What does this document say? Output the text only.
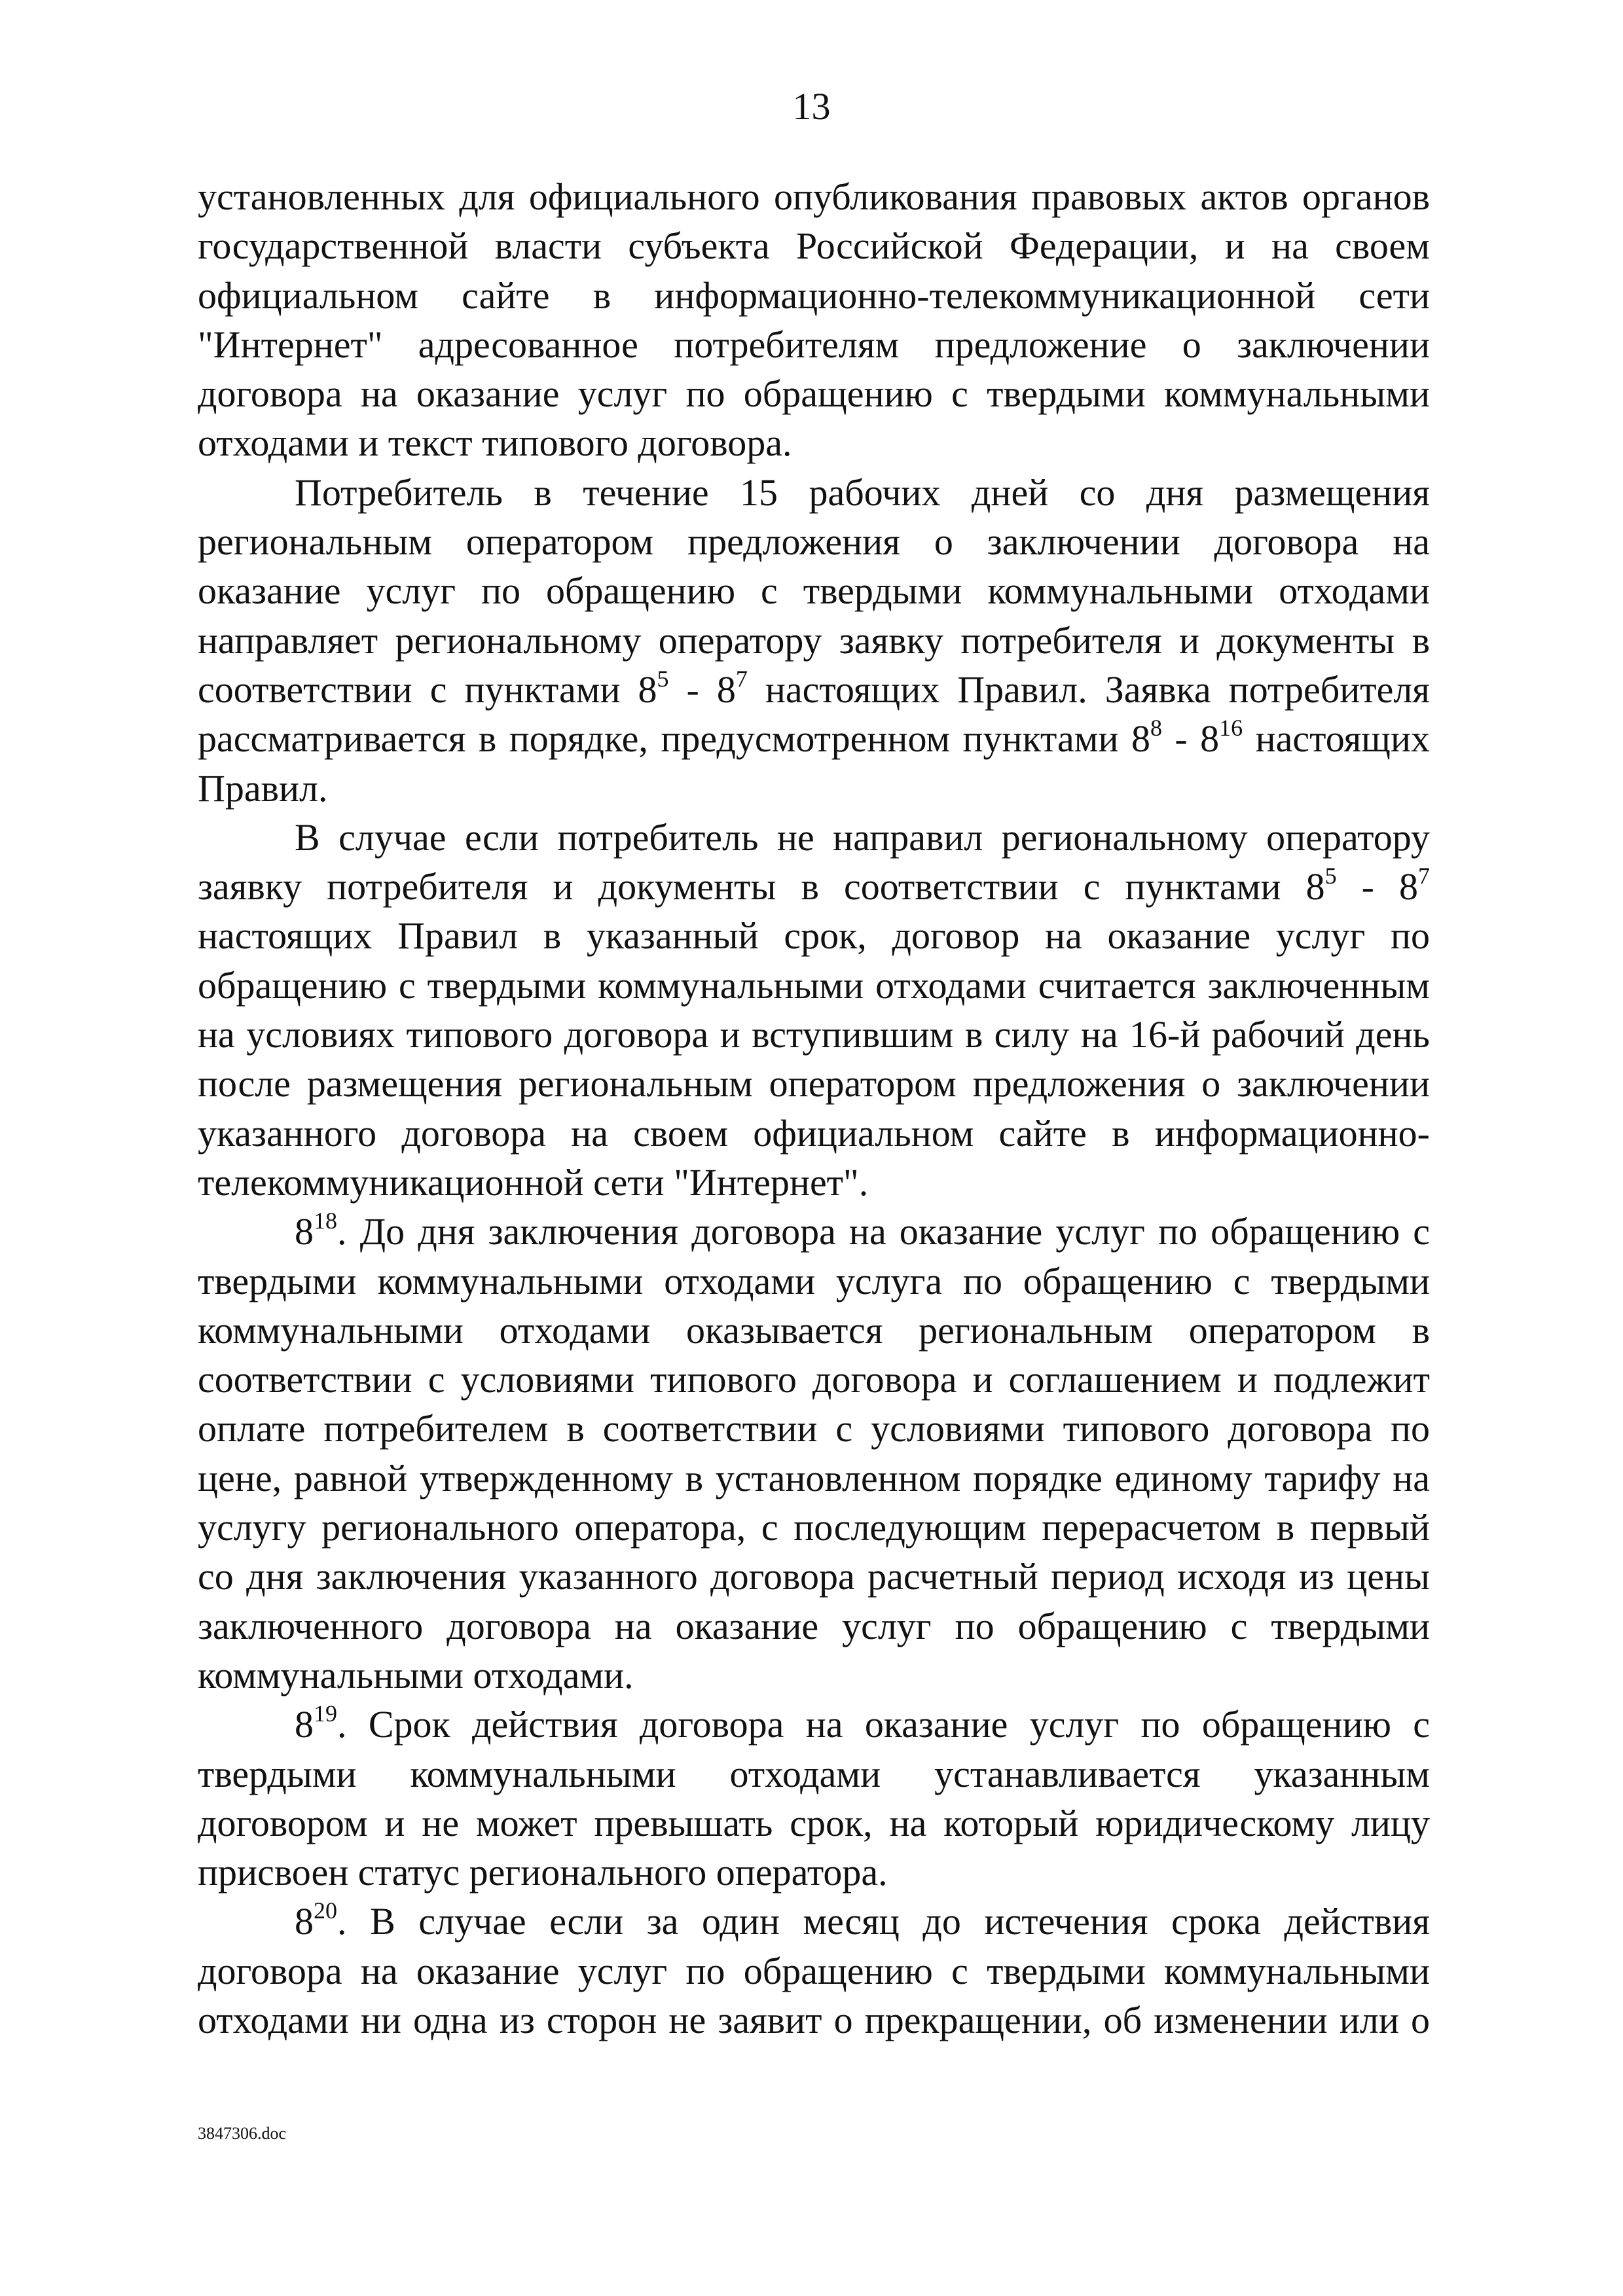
13

установленных для официального опубликования правовых актов органов государственной власти субъекта Российской Федерации, и на своем официальном сайте в информационно-телекоммуникационной сети "Интернет" адресованное потребителям предложение о заключении договора на оказание услуг по обращению с твердыми коммунальными отходами и текст типового договора.

Потребитель в течение 15 рабочих дней со дня размещения региональным оператором предложения о заключении договора на оказание услуг по обращению с твердыми коммунальными отходами направляет региональному оператору заявку потребителя и документы в соответствии с пунктами $8^5 - 8^7$ настоящих Правил. Заявка потребителя рассматривается в порядке, предусмотренном пунктами $8^8 - 8^{16}$ настоящих Правил.

В случае если потребитель не направил региональному оператору заявку потребителя и документы в соответствии с пунктами $8^5 - 8^7$ настоящих Правил в указанный срок, договор на оказание услуг по обращению с твердыми коммунальными отходами считается заключенным на условиях типового договора и вступившим в силу на 16-й рабочий день после размещения региональным оператором предложения о заключении указанного договора на своем официальном сайте в информационно-телекоммуникационной сети "Интернет".

$8^{18}$. До дня заключения договора на оказание услуг по обращению с твердыми коммунальными отходами услуга по обращению с твердыми коммунальными отходами оказывается региональным оператором в соответствии с условиями типового договора и соглашением и подлежит оплате потребителем в соответствии с условиями типового договора по цене, равной утвержденному в установленном порядке единому тарифу на услугу регионального оператора, с последующим перерасчетом в первый со дня заключения указанного договора расчетный период исходя из цены заключенного договора на оказание услуг по обращению с твердыми коммунальными отходами.

$8^{19}$. Срок действия договора на оказание услуг по обращению с твердыми коммунальными отходами устанавливается указанным договором и не может превышать срок, на который юридическому лицу присвоен статус регионального оператора.

$8^{20}$. В случае если за один месяц до истечения срока действия договора на оказание услуг по обращению с твердыми коммунальными отходами ни одна из сторон не заявит о прекращении, об изменении или о

3847306.doc
